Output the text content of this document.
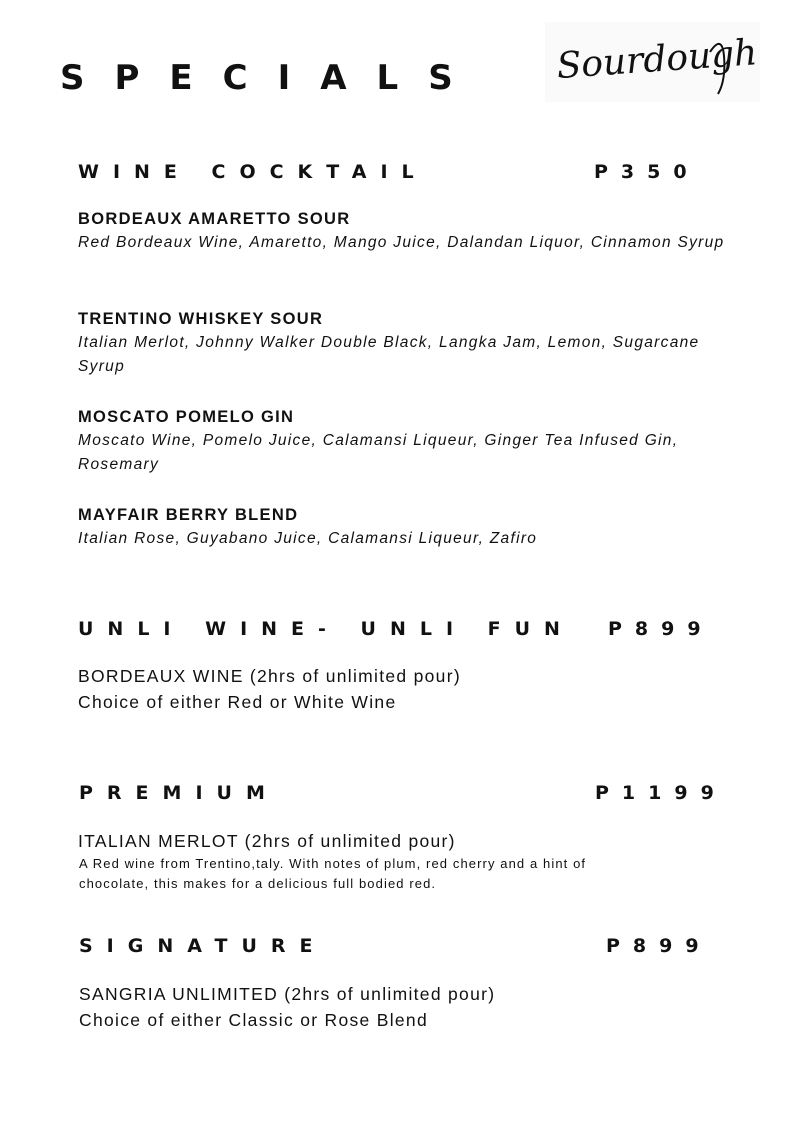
SPECIALS Sourdough
WINE COCKTAIL	P350
BORDEAUX AMARETTO SOUR
Red Bordeaux Wine, Amaretto, Mango Juice, Dalandan Liquor, Cinnamon Syrup
TRENTINO WHISKEY SOUR
Italian Merlot, Johnny Walker Double Black, Langka Jam, Lemon, Sugarcane Syrup
MOSCATO POMELO GIN
Moscato Wine, Pomelo Juice, Calamansi Liqueur, Ginger Tea Infused Gin, Rosemary
MAYFAIR BERRY BLEND
Italian Rose, Guyabano Juice, Calamansi Liqueur, Zafiro
UNLI WINE- UNLI FUN P899
BORDEAUX WINE (2hrs of unlimited pour)
Choice of either Red or White Wine
PREMIUM	P1199
ITALIAN MERLOT (2hrs of unlimited pour)
A Red wine from Trentino,taly. With notes of plum, red cherry and a hint of chocolate, this makes for a delicious full bodied red.
SIGNATURE	P899
SANGRIA UNLIMITED (2hrs of unlimited pour)
Choice of either Classic or Rose Blend
